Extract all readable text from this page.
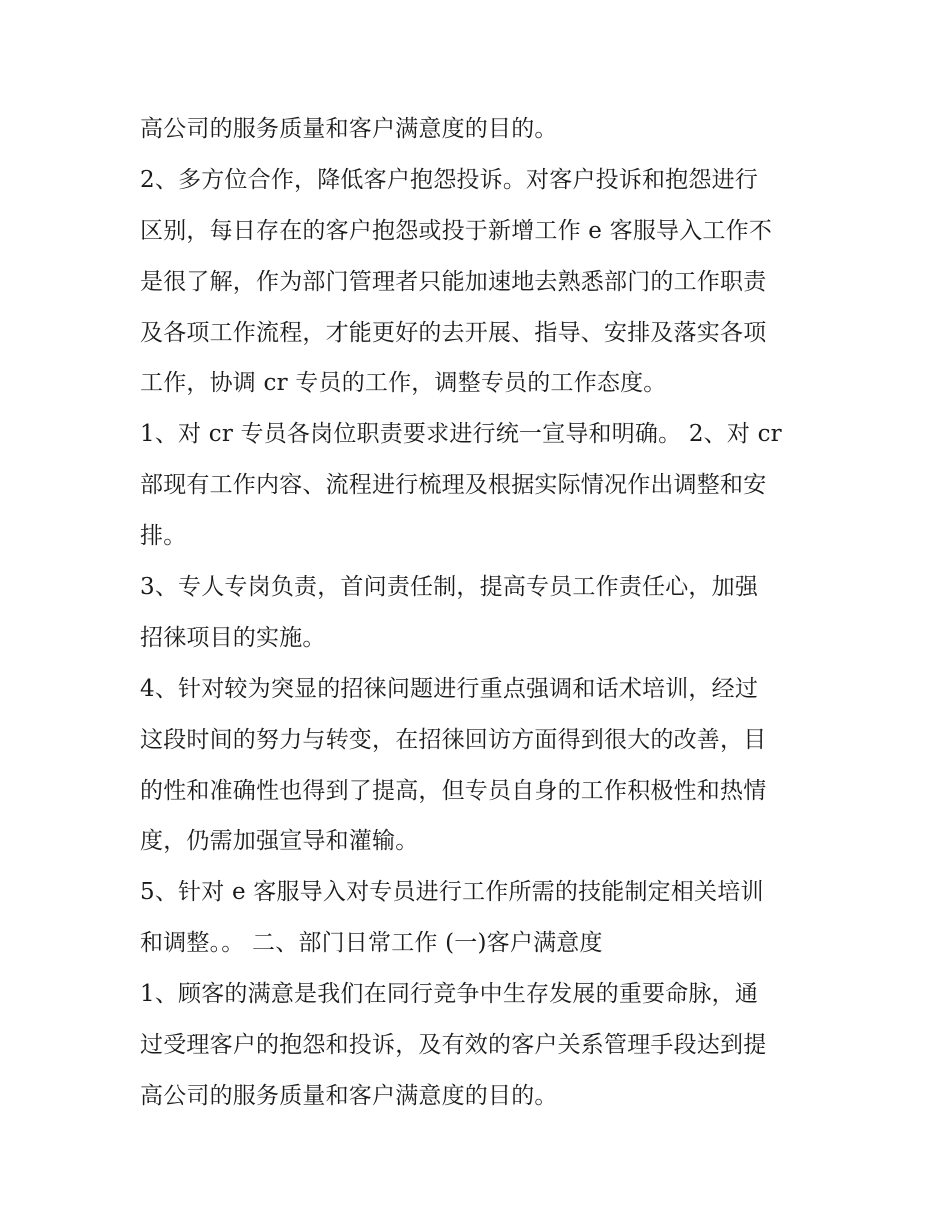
高公司的服务质量和客户满意度的目的。
2、多方位合作，降低客户抱怨投诉。对客户投诉和抱怨进行
区别，每日存在的客户抱怨或投于新增工作 e 客服导入工作不
是很了解，作为部门管理者只能加速地去熟悉部门的工作职责
及各项工作流程，才能更好的去开展、指导、安排及落实各项
工作，协调 cr 专员的工作，调整专员的工作态度。
1、对 cr 专员各岗位职责要求进行统一宣导和明确。 2、对 cr
部现有工作内容、流程进行梳理及根据实际情况作出调整和安
排。
3、专人专岗负责，首问责任制，提高专员工作责任心，加强
招徕项目的实施。
4、针对较为突显的招徕问题进行重点强调和话术培训，经过
这段时间的努力与转变，在招徕回访方面得到很大的改善，目
的性和准确性也得到了提高，但专员自身的工作积极性和热情
度，仍需加强宣导和灌输。
5、针对 e 客服导入对专员进行工作所需的技能制定相关培训
和调整。。 二、部门日常工作 (一)客户满意度
1、顾客的满意是我们在同行竞争中生存发展的重要命脉，通
过受理客户的抱怨和投诉，及有效的客户关系管理手段达到提
高公司的服务质量和客户满意度的目的。
